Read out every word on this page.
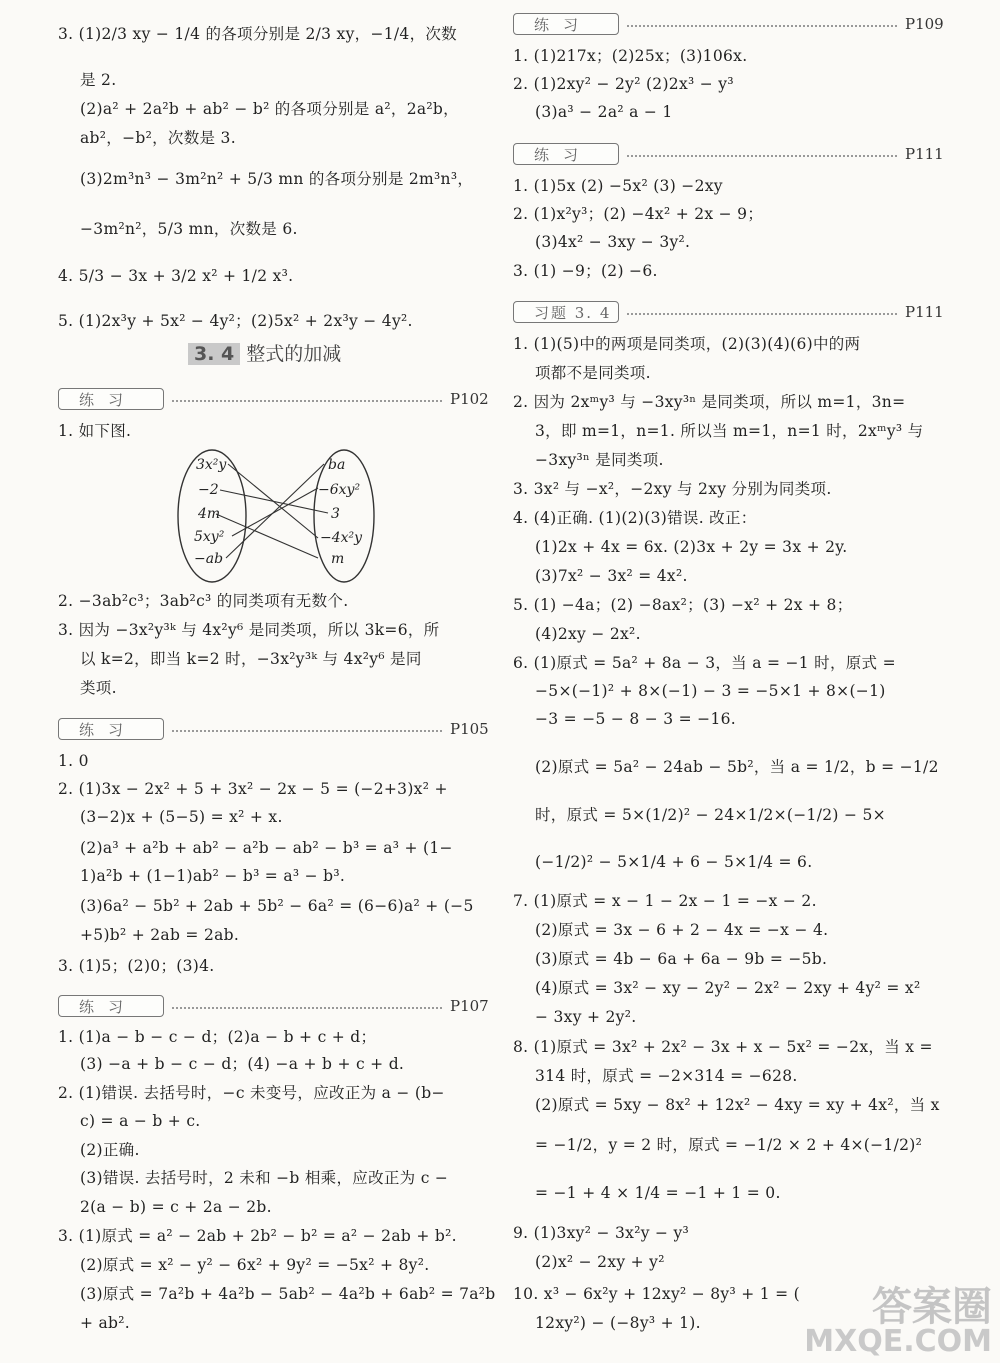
3. (1)2/3 xy − 1/4 的各项分别是 2/3 xy，−1/4，次数
是 2.
(2)a² + 2a²b + ab² − b² 的各项分别是 a²，2a²b，
ab²，−b²，次数是 3.
(3)2m³n³ − 3m²n² + 5/3 mn 的各项分别是 2m³n³，
−3m²n²，5/3 mn，次数是 6.
4. 5/3 − 3x + 3/2 x² + 1/2 x³.
5. (1)2x³y + 5x² − 4y²；(2)5x² + 2x³y − 4y².
3. 4 整式的加减
练习	P102
1. 如下图.
3x²y
−2
4m
5xy²
−ab
ba
−6xy²
3
−4x²y
m
2. −3ab²c³；3ab²c³ 的同类项有无数个.
3. 因为 −3x²y³ᵏ 与 4x²y⁶ 是同类项，所以 3k=6，所
以 k=2，即当 k=2 时，−3x²y³ᵏ 与 4x²y⁶ 是同
类项.
练习	P105
1. 0
2. (1)3x − 2x² + 5 + 3x² − 2x − 5 = (−2+3)x² +
(3−2)x + (5−5) = x² + x.
(2)a³ + a²b + ab² − a²b − ab² − b³ = a³ + (1−
1)a²b + (1−1)ab² − b³ = a³ − b³.
(3)6a² − 5b² + 2ab + 5b² − 6a² = (6−6)a² + (−5
+5)b² + 2ab = 2ab.
3. (1)5；(2)0；(3)4.
练习	P107
1. (1)a − b − c − d；(2)a − b + c + d；
(3) −a + b − c − d；(4) −a + b + c + d.
2. (1)错误. 去括号时，−c 未变号，应改正为 a − (b−
c) = a − b + c.
(2)正确.
(3)错误. 去括号时，2 未和 −b 相乘，应改正为 c −
2(a − b) = c + 2a − 2b.
3. (1)原式 = a² − 2ab + 2b² − b² = a² − 2ab + b².
(2)原式 = x² − y² − 6x² + 9y² = −5x² + 8y².
(3)原式 = 7a²b + 4a²b − 5ab² − 4a²b + 6ab² = 7a²b
+ ab².
练习	P109
1. (1)217x；(2)25x；(3)106x.
2. (1)2xy² − 2y² (2)2x³ − y³
(3)a³ − 2a² a − 1
练习	P111
1. (1)5x (2) −5x² (3) −2xy
2. (1)x²y³；(2) −4x² + 2x − 9；
(3)4x² − 3xy − 3y².
3. (1) −9；(2) −6.
习题 3. 4	P111
1. (1)(5)中的两项是同类项，(2)(3)(4)(6)中的两
项都不是同类项.
2. 因为 2xᵐy³ 与 −3xy³ⁿ 是同类项，所以 m=1，3n=
3，即 m=1，n=1. 所以当 m=1，n=1 时，2xᵐy³ 与
−3xy³ⁿ 是同类项.
3. 3x² 与 −x²，−2xy 与 2xy 分别为同类项.
4. (4)正确. (1)(2)(3)错误. 改正：
(1)2x + 4x = 6x. (2)3x + 2y = 3x + 2y.
(3)7x² − 3x² = 4x².
5. (1) −4a；(2) −8ax²；(3) −x² + 2x + 8；
(4)2xy − 2x².
6. (1)原式 = 5a² + 8a − 3，当 a = −1 时，原式 =
−5×(−1)² + 8×(−1) − 3 = −5×1 + 8×(−1)
−3 = −5 − 8 − 3 = −16.
(2)原式 = 5a² − 24ab − 5b²，当 a = 1/2，b = −1/2
时，原式 = 5×(1/2)² − 24×1/2×(−1/2) − 5×
(−1/2)² − 5×1/4 + 6 − 5×1/4 = 6.
7. (1)原式 = x − 1 − 2x − 1 = −x − 2.
(2)原式 = 3x − 6 + 2 − 4x = −x − 4.
(3)原式 = 4b − 6a + 6a − 9b = −5b.
(4)原式 = 3x² − xy − 2y² − 2x² − 2xy + 4y² = x²
− 3xy + 2y².
8. (1)原式 = 3x² + 2x² − 3x + x − 5x² = −2x，当 x =
314 时，原式 = −2×314 = −628.
(2)原式 = 5xy − 8x² + 12x² − 4xy = xy + 4x²，当 x
= −1/2，y = 2 时，原式 = −1/2 × 2 + 4×(−1/2)²
= −1 + 4 × 1/4 = −1 + 1 = 0.
9. (1)3xy² − 3x²y − y³
(2)x² − 2xy + y²
10. x³ − 6x²y + 12xy² − 8y³ + 1 = (
12xy²) − (−8y³ + 1).	答案圈
MXQE.COM
